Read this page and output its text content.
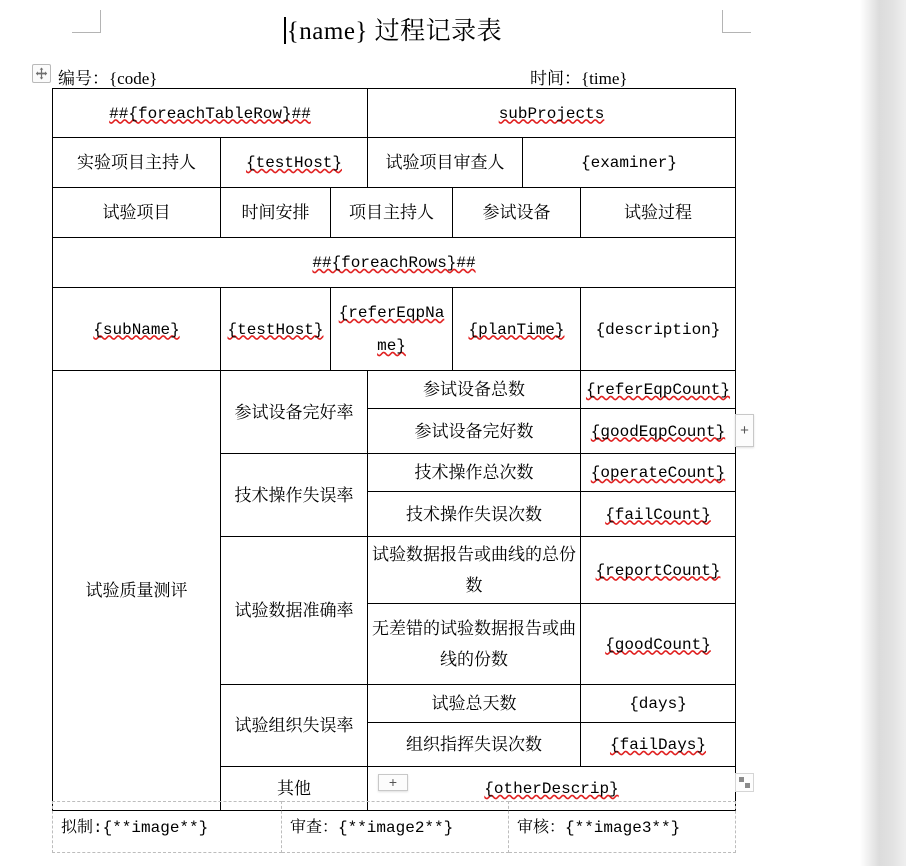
{name} 过程记录表
编号：{code}	时间：{time}
##{foreachTableRow}##			subProjects			
实验项目主持人	{testHost}		试验项目审查人		{examiner}	
试验项目	时间安排	项目主持人		参试设备		试验过程
##{foreachRows}##						
{subName}	{testHost}	{referEqpName}		{planTime}		{description}
试验质量测评	参试设备完好率		参试设备总数			{referEqpCount}
			参试设备完好数			{goodEqpCount}
	技术操作失误率		技术操作总次数			{operateCount}
			技术操作失误次数			{failCount}
	试验数据准确率		试验数据报告或曲线的总份数			{reportCount}
			无差错的试验数据报告或曲线的份数			{goodCount}
	试验组织失误率		试验总天数			{days}
			组织指挥失误次数			{failDays}
	其他		{otherDescrip}			
+
+
拟制:{**image**}	审查：{**image2**}	审核：{**image3**}
